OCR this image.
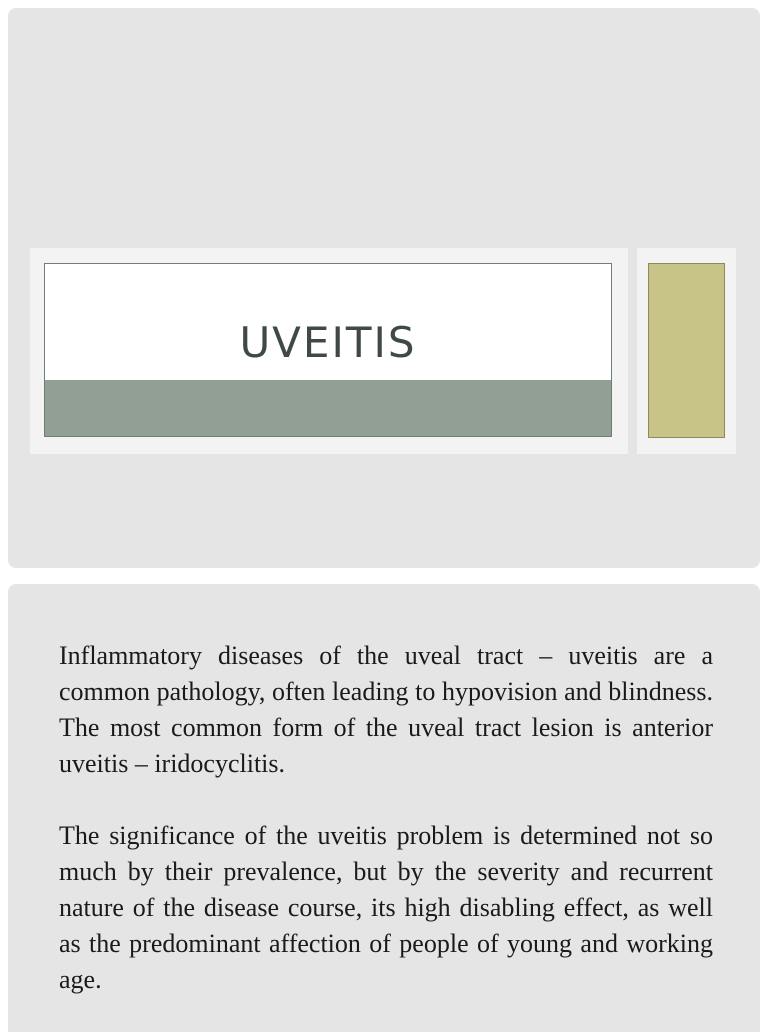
UVEITIS

Inflammatory diseases of the uveal tract – uveitis are a common pathology, often leading to hypovision and blindness. The most common form of the uveal tract lesion is anterior uveitis – iridocyclitis.

The significance of the uveitis problem is determined not so much by their prevalence, but by the severity and recurrent nature of the disease course, its high disabling effect, as well as the predominant affection of people of young and working age.
